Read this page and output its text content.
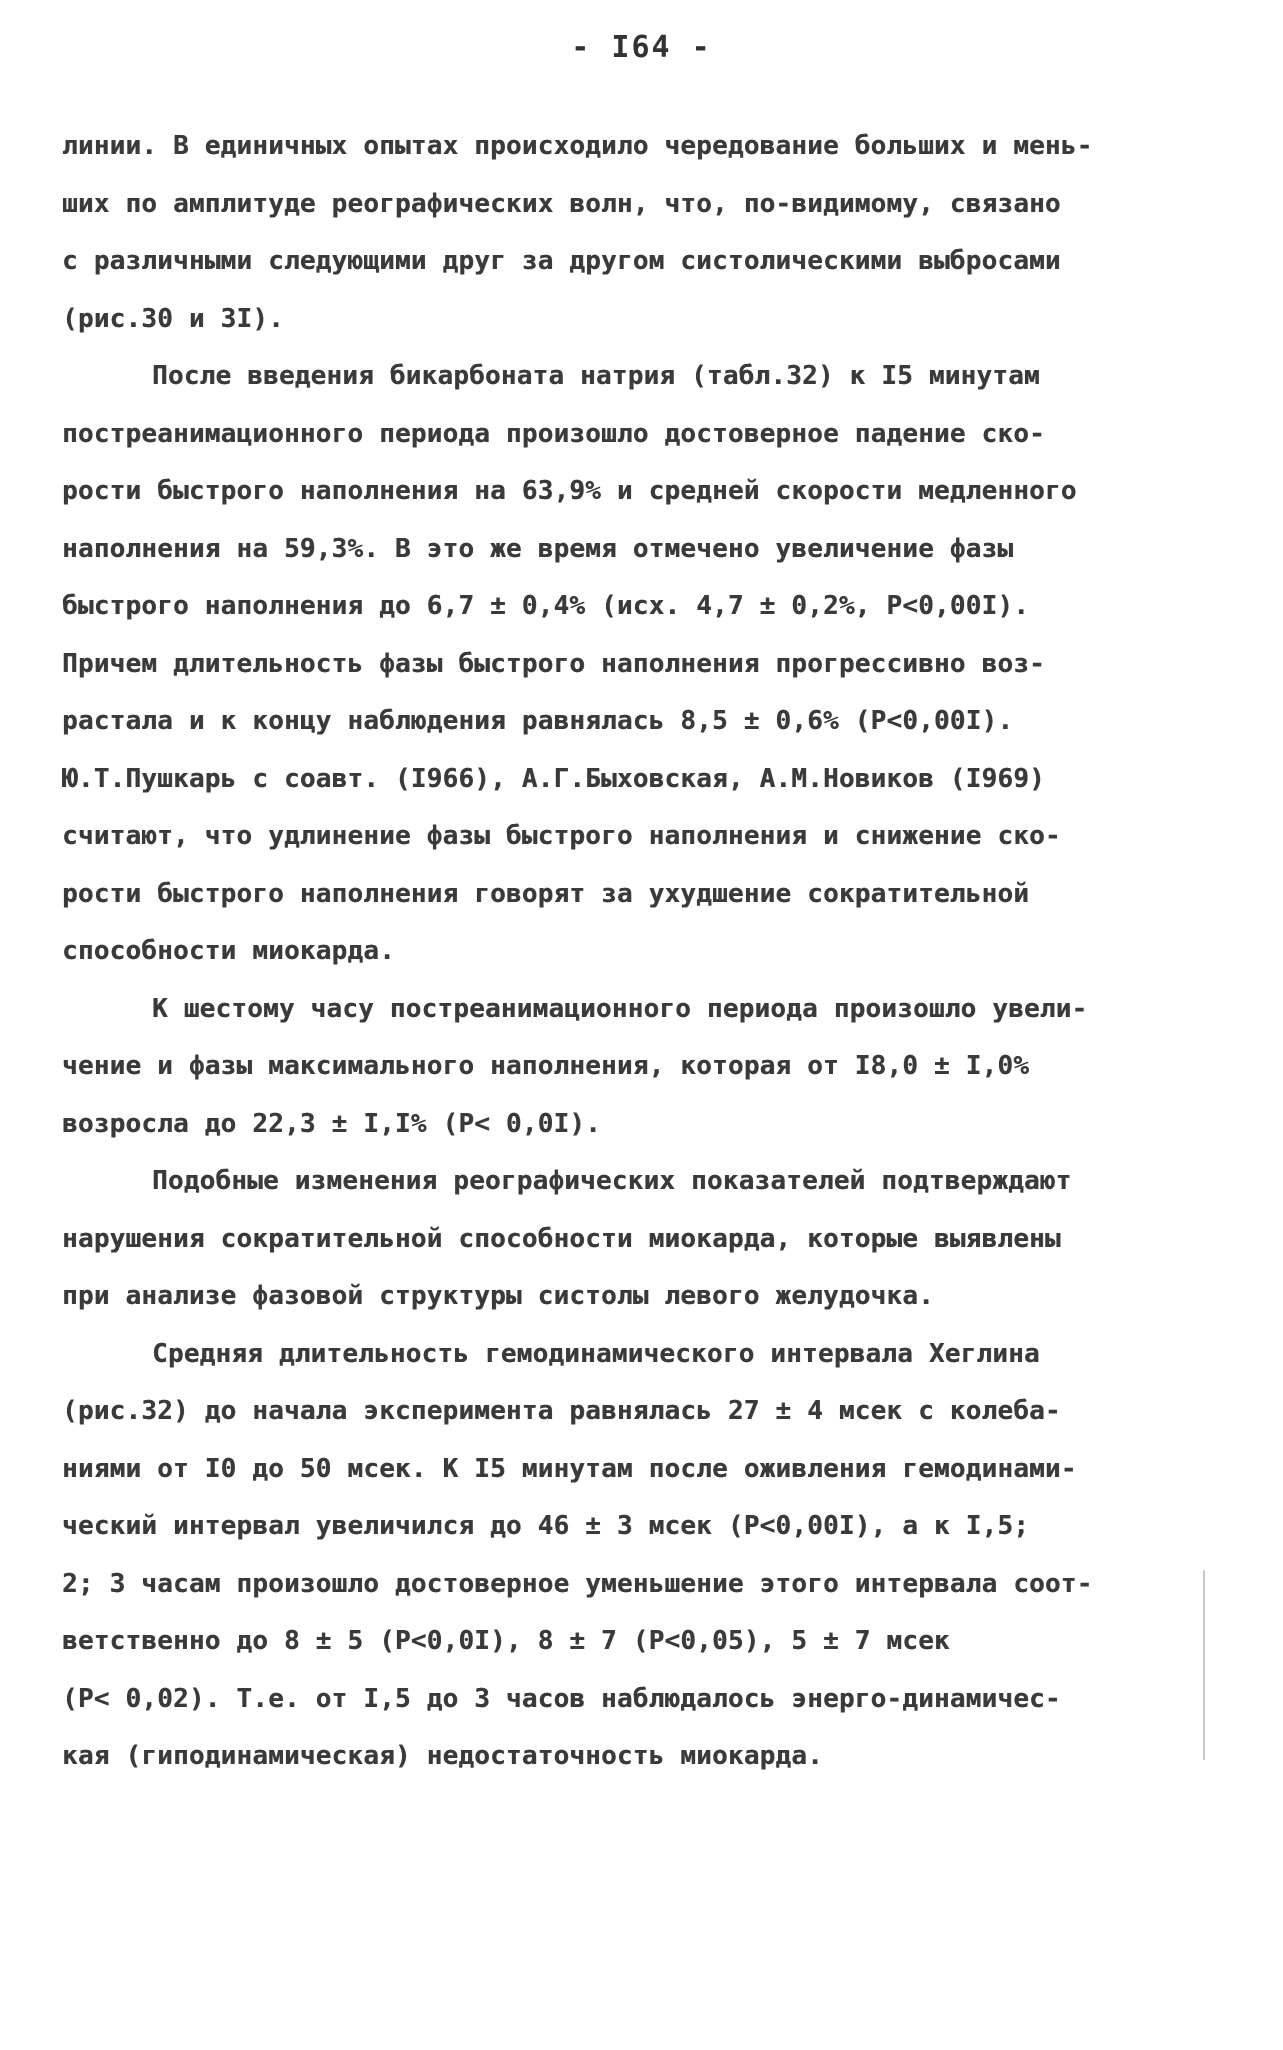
- I64 -
линии. В единичных опытах происходило чередование больших и мень-
ших по амплитуде реографических волн, что, по-видимому, связано
с различными следующими друг за другом систолическими выбросами
(рис.30 и 3I).
После введения бикарбоната натрия (табл.32) к I5 минутам
постреанимационного периода произошло достоверное падение ско-
рости быстрого наполнения на 63,9% и средней скорости медленного
наполнения на 59,3%. В это же время отмечено увеличение фазы
быстрого наполнения до 6,7 ± 0,4% (исх. 4,7 ± 0,2%, Р<0,00I).
Причем длительность фазы быстрого наполнения прогрессивно воз-
растала и к концу наблюдения равнялась 8,5 ± 0,6% (Р<0,00I).
Ю.Т.Пушкарь с соавт. (I966), А.Г.Быховская, А.М.Новиков (I969)
считают, что удлинение фазы быстрого наполнения и снижение ско-
рости быстрого наполнения говорят за ухудшение сократительной
способности миокарда.
К шестому часу постреанимационного периода произошло увели-
чение и фазы максимального наполнения, которая от I8,0 ± I,0%
возросла до 22,3 ± I,I% (Р< 0,0I).
Подобные изменения реографических показателей подтверждают
нарушения сократительной способности миокарда, которые выявлены
при анализе фазовой структуры систолы левого желудочка.
Средняя длительность гемодинамического интервала Хеглина
(рис.32) до начала эксперимента равнялась 27 ± 4 мсек с колеба-
ниями от I0 до 50 мсек. К I5 минутам после оживления гемодинами-
ческий интервал увеличился до 46 ± 3 мсек (Р<0,00I), а к I,5;
2; 3 часам произошло достоверное уменьшение этого интервала соот-
ветственно до 8 ± 5 (Р<0,0I), 8 ± 7 (Р<0,05), 5 ± 7 мсек
(Р< 0,02). Т.е. от I,5 до 3 часов наблюдалось энерго-динамичес-
кая (гиподинамическая) недостаточность миокарда.
